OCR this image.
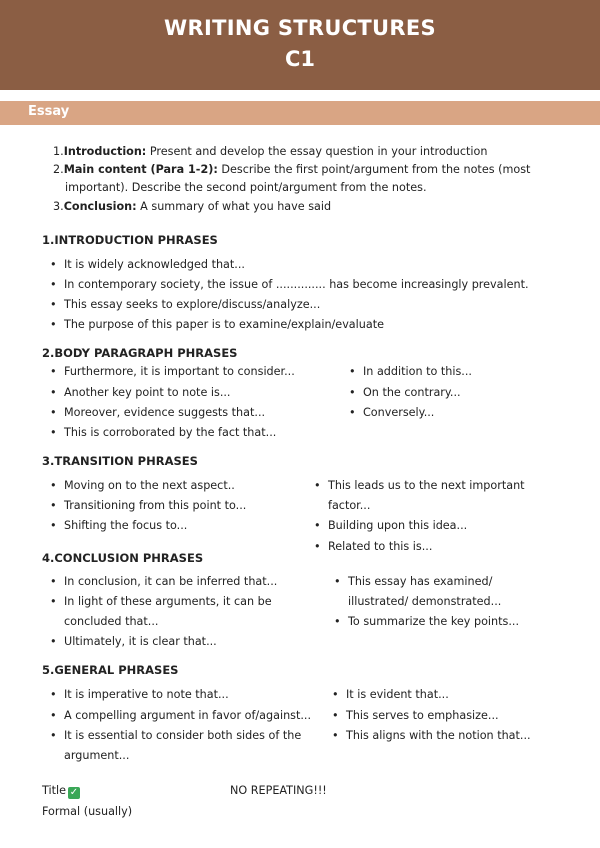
WRITING STRUCTURES
C1
Essay
1.Introduction: Present and develop the essay question in your introduction
2.Main content (Para 1-2): Describe the first point/argument from the notes (most
important). Describe the second point/argument from the notes.
3.Conclusion: A summary of what you have said
1.INTRODUCTION PHRASES
• It is widely acknowledged that...
• In contemporary society, the issue of .............. has become increasingly prevalent.
• This essay seeks to explore/discuss/analyze...
• The purpose of this paper is to examine/explain/evaluate
2.BODY PARAGRAPH PHRASES
• Furthermore, it is important to consider...
• Another key point to note is...
• Moreover, evidence suggests that...
• This is corroborated by the fact that...
• In addition to this...
• On the contrary...
• Conversely...
3.TRANSITION PHRASES
• Moving on to the next aspect..
• Transitioning from this point to...
• Shifting the focus to...
• This leads us to the next important
factor...
• Building upon this idea...
• Related to this is...
4.CONCLUSION PHRASES
• In conclusion, it can be inferred that...
• In light of these arguments, it can be
concluded that...
• Ultimately, it is clear that...
• This essay has examined/
illustrated/ demonstrated...
• To summarize the key points...
5.GENERAL PHRASES
• It is imperative to note that...
• A compelling argument in favor of/against...
• It is essential to consider both sides of the
argument...
• It is evident that...
• This serves to emphasize...
• This aligns with the notion that...
Title ✓	NO REPEATING!!!
Formal (usually)
